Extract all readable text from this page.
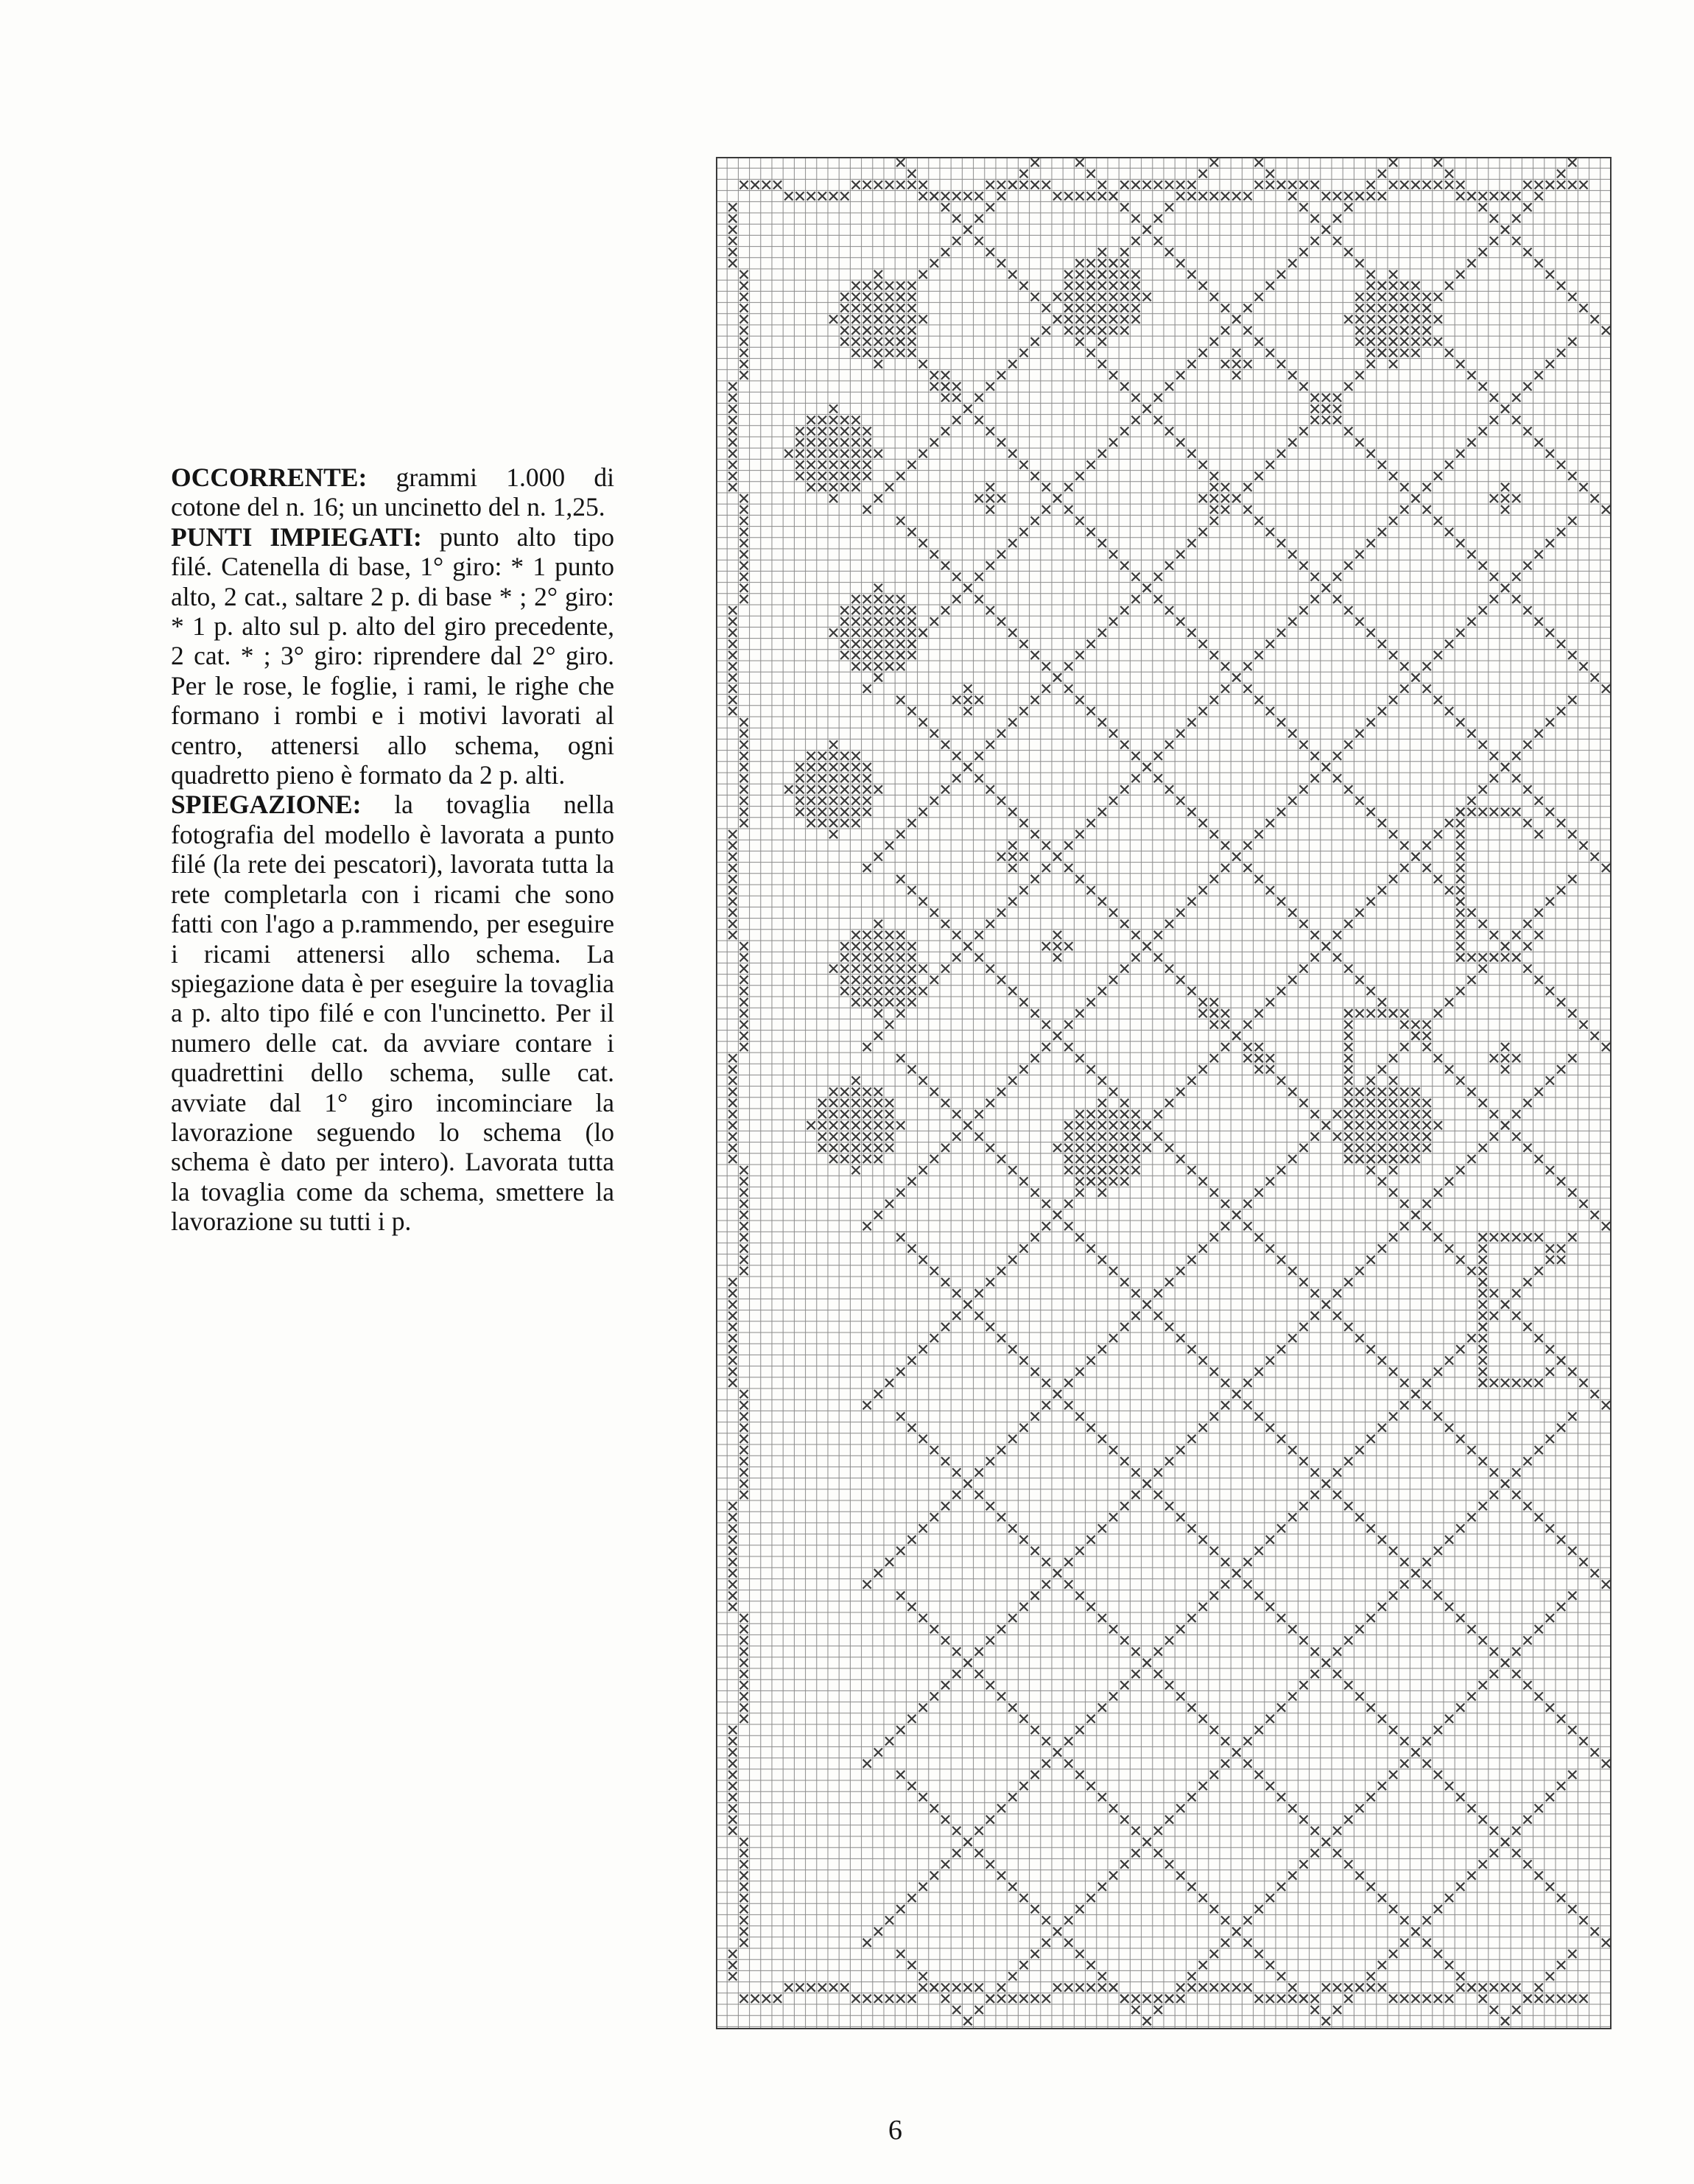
OCCORRENTE: grammi 1.000 di cotone del n. 16; un uncinetto del n. 1,25.

PUNTI IMPIEGATI: punto alto tipo filé. Catenella di base, 1° giro: * 1 punto alto, 2 cat., saltare 2 p. di base * ; 2° giro: * 1 p. alto sul p. alto del giro precedente, 2 cat. * ; 3° giro: riprendere dal 2° giro. Per le rose, le foglie, i rami, le righe che formano i rombi e i motivi lavorati al centro, attenersi allo schema, ogni quadretto pieno è formato da 2 p. alti.

SPIEGAZIONE: la tovaglia nella fotografia del modello è lavorata a punto filé (la rete dei pescatori), lavorata tutta la rete completarla con i ricami che sono fatti con l'ago a p.rammendo, per eseguire i ricami attenersi allo schema. La spiegazione data è per eseguire la tovaglia a p. alto tipo filé e con l'uncinetto. Per il numero delle cat. da avviare contare i quadrettini dello schema, sulle cat. avviate dal 1° giro incominciare la lavorazione seguendo lo schema (lo schema è dato per intero). Lavorata tutta la tovaglia come da schema, smettere la lavorazione su tutti i p.

6
